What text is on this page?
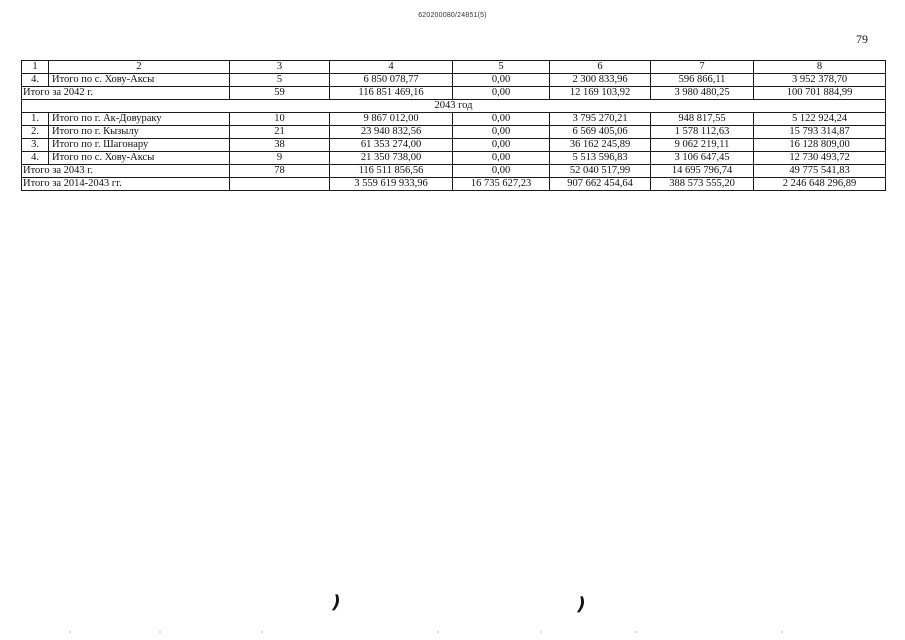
620200080/24851(5)
79
1	2	3	4	5	6	7	8
4.	Итого по с. Хову-Аксы	5	6 850 078,77	0,00	2 300 833,96	596 866,11	3 952 378,70
Итого за 2042 г.		59	116 851 469,16	0,00	12 169 103,92	3 980 480,25	100 701 884,99
2043 год							
1.	Итого по г. Ак-Довураку	10	9 867 012,00	0,00	3 795 270,21	948 817,55	5 122 924,24
2.	Итого по г. Кызылу	21	23 940 832,56	0,00	6 569 405,06	1 578 112,63	15 793 314,87
3.	Итого по г. Шагонару	38	61 353 274,00	0,00	36 162 245,89	9 062 219,11	16 128 809,00
4.	Итого по с. Хову-Аксы	9	21 350 738,00	0,00	5 513 596,83	3 106 647,45	12 730 493,72
Итого за 2043 г.		78	116 511 856,56	0,00	52 040 517,99	14 695 796,74	49 775 541,83
Итого за 2014-2043 гг.			3 559 619 933,96	16 735 627,23	907 662 454,64	388 573 555,20	2 246 648 296,89
)	)
